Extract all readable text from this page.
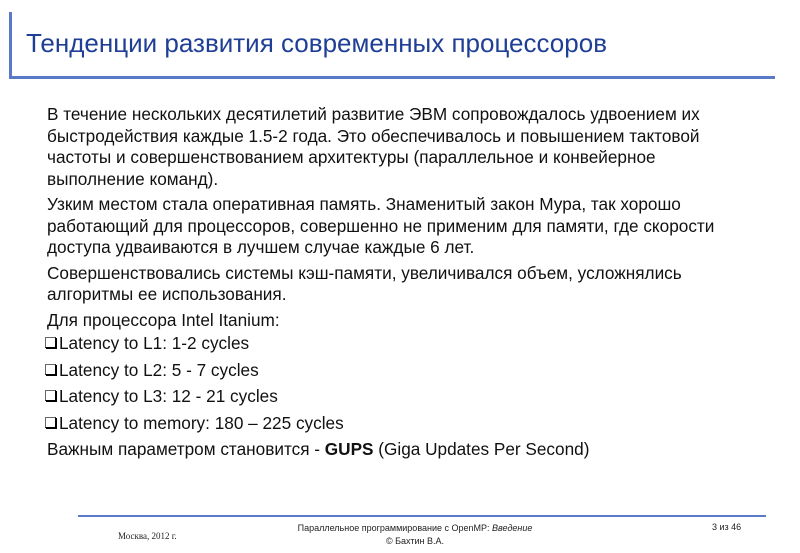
Тенденции развития современных процессоров

В течение нескольких десятилетий развитие ЭВМ сопровождалось удвоением их быстродействия каждые 1.5-2 года. Это обеспечивалось и повышением тактовой частоты и совершенствованием архитектуры (параллельное и конвейерное выполнение команд).

Узким местом стала оперативная память. Знаменитый закон Мура, так хорошо работающий для процессоров, совершенно не применим для памяти, где скорости доступа удваиваются в лучшем случае каждые 6 лет.

Совершенствовались системы кэш-памяти, увеличивался объем, усложнялись алгоритмы ее использования.

Для процессора Intel Itanium:

Latency to L1: 1-2 cycles
Latency to L2: 5 - 7 cycles
Latency to L3: 12 - 21 cycles
Latency to memory: 180 – 225 cycles

Важным параметром становится - GUPS (Giga Updates Per Second)

Москва, 2012 г.
Параллельное программирование с OpenMP: Введение
© Бахтин В.А.
3 из 46
